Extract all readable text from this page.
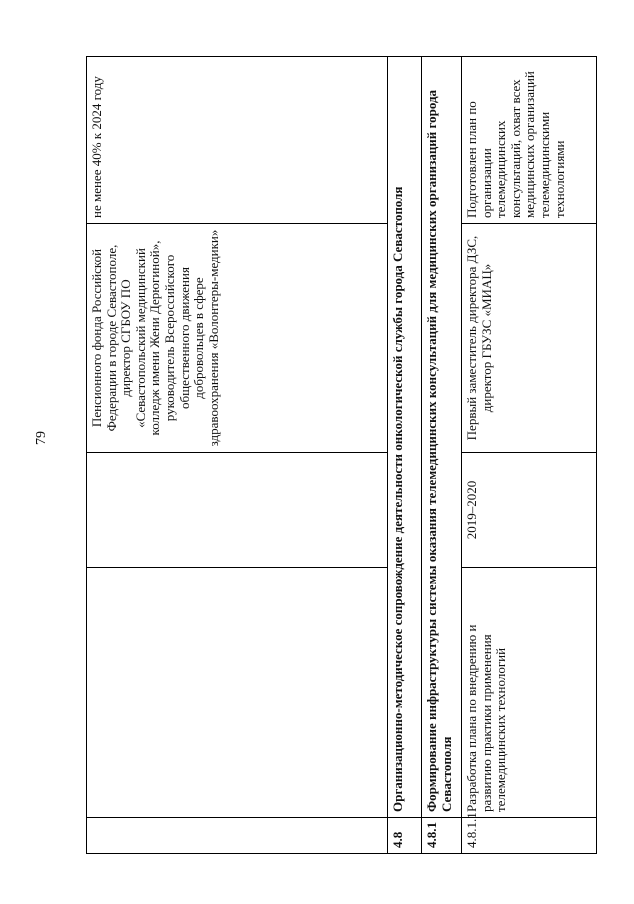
79
			Пенсионного фонда Российской Федерации в городе Севастополе, директор СГБОУ ПО «Севастопольский медицинский колледж имени Жени Дерюгиной», руководитель Всероссийского общественного движения добровольцев в сфере здравоохранения «Волонтеры-медики»	не менее 40% к 2024 году
4.8	Организационно-методическое сопровождение деятельности онкологической службы города Севастополя			
4.8.1	Формирование инфраструктуры системы оказания телемедицинских консультаций для медицинских организаций города Севастополя			
4.8.1.1	Разработка плана по внедрению и развитию практики применения телемедицинских технологий	2019–2020	Первый заместитель директора ДЗС, директор ГБУЗС «МИАЦ»	Подготовлен план по организации телемедицинских консультаций, охват всех медицинских организаций телемедицинскими технологиями
